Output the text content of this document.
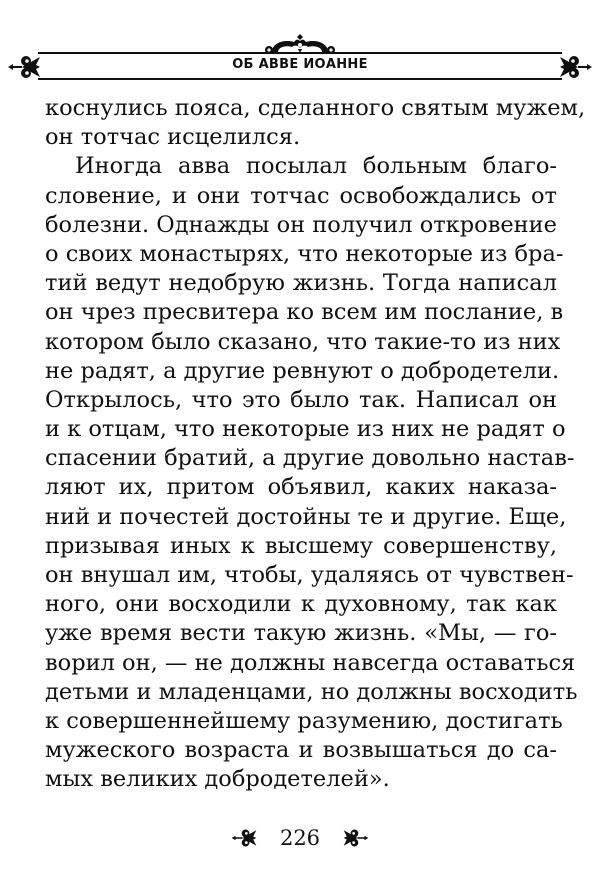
ОБ АВВЕ ИОАННЕ
коснулись пояса, сделанного святым мужем,
он тотчас исцелился.
Иногда авва посылал больным благо-
словение, и они тотчас освобождались от
болезни. Однажды он получил откровение
о своих монастырях, что некоторые из бра-
тий ведут недобрую жизнь. Тогда написал
он чрез пресвитера ко всем им послание, в
котором было сказано, что такие-то из них
не радят, а другие ревнуют о добродетели.
Открылось, что это было так. Написал он
и к отцам, что некоторые из них не радят о
спасении братий, а другие довольно настав-
ляют их, притом объявил, каких наказа-
ний и почестей достойны те и другие. Еще,
призывая иных к высшему совершенству,
он внушал им, чтобы, удаляясь от чувствен-
ного, они восходили к духовному, так как
уже время вести такую жизнь. «Мы, — го-
ворил он, — не должны навсегда оставаться
детьми и младенцами, но должны восходить
к совершеннейшему разумению, достигать
мужеского возраста и возвышаться до са-
мых великих добродетелей».
226
